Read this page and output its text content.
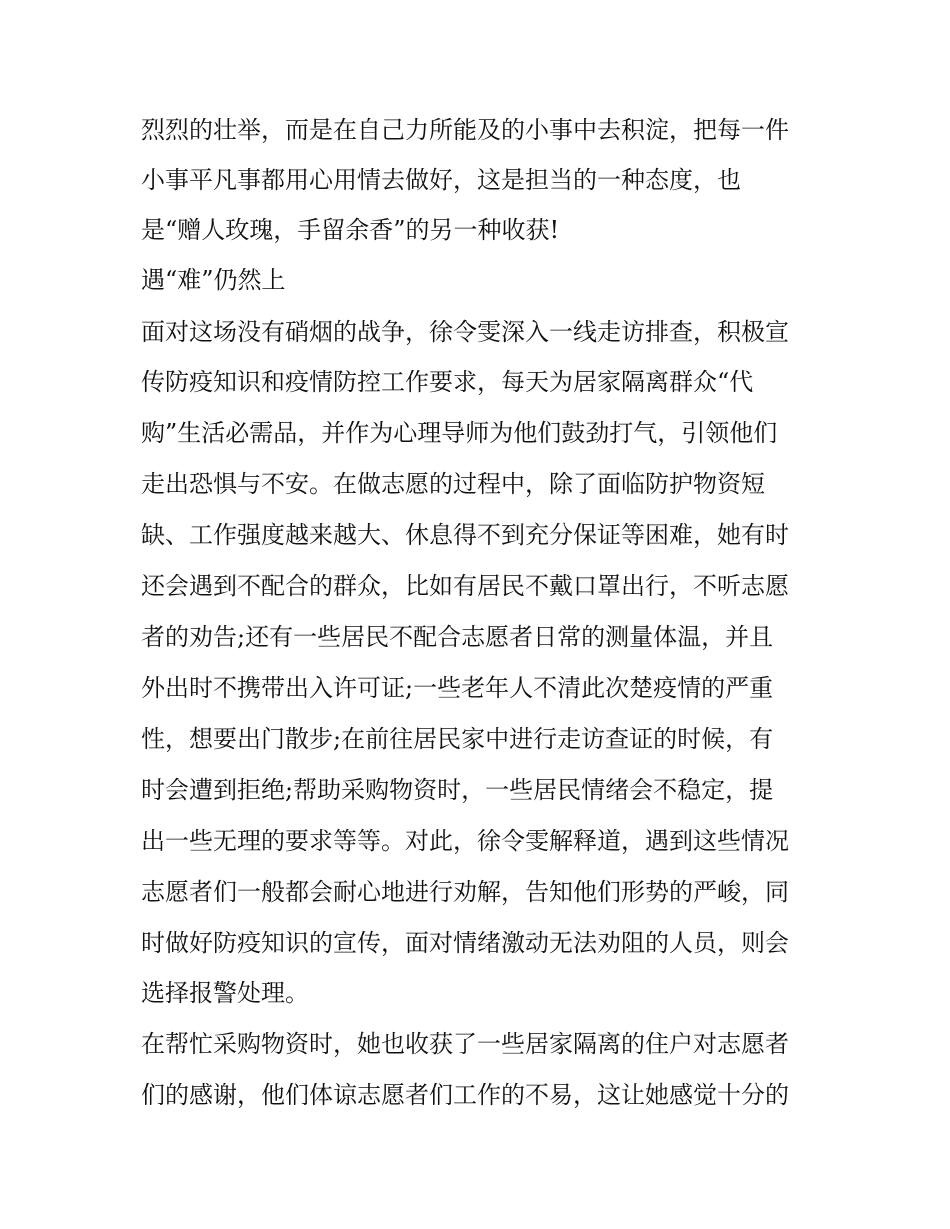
烈烈的壮举，而是在自己力所能及的小事中去积淀，把每一件
小事平凡事都用心用情去做好，这是担当的一种态度，也
是“赠人玫瑰，手留余香”的另一种收获!
遇“难”仍然上
面对这场没有硝烟的战争，徐令雯深入一线走访排查，积极宣
传防疫知识和疫情防控工作要求，每天为居家隔离群众“代
购”生活必需品，并作为心理导师为他们鼓劲打气，引领他们
走出恐惧与不安。在做志愿的过程中，除了面临防护物资短
缺、工作强度越来越大、休息得不到充分保证等困难，她有时
还会遇到不配合的群众，比如有居民不戴口罩出行，不听志愿
者的劝告;还有一些居民不配合志愿者日常的测量体温，并且
外出时不携带出入许可证;一些老年人不清此次楚疫情的严重
性，想要出门散步;在前往居民家中进行走访查证的时候，有
时会遭到拒绝;帮助采购物资时，一些居民情绪会不稳定，提
出一些无理的要求等等。对此，徐令雯解释道，遇到这些情况
志愿者们一般都会耐心地进行劝解，告知他们形势的严峻，同
时做好防疫知识的宣传，面对情绪激动无法劝阻的人员，则会
选择报警处理。
在帮忙采购物资时，她也收获了一些居家隔离的住户对志愿者
们的感谢，他们体谅志愿者们工作的不易，这让她感觉十分的
